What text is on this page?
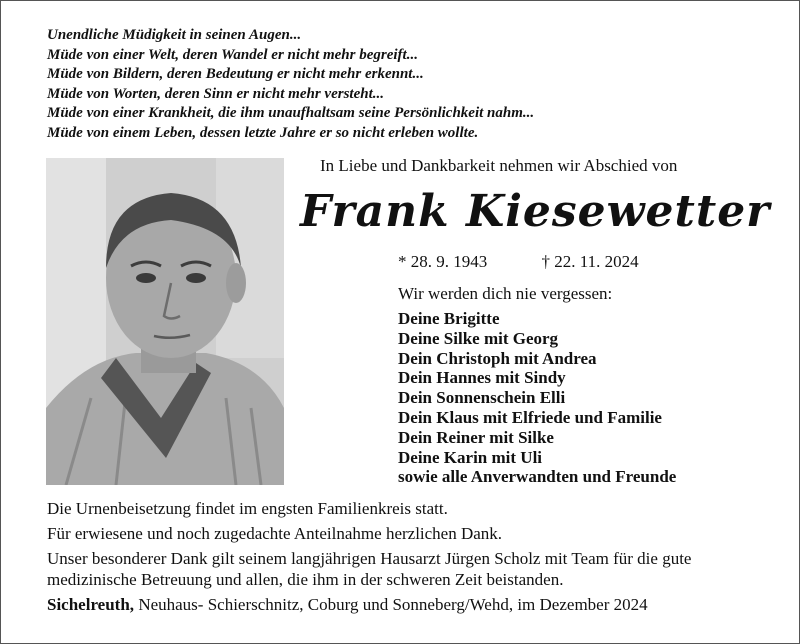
Unendliche Müdigkeit in seinen Augen...
Müde von einer Welt, deren Wandel er nicht mehr begreift...
Müde von Bildern, deren Bedeutung er nicht mehr erkennt...
Müde von Worten, deren Sinn er nicht mehr versteht...
Müde von einer Krankheit, die ihm unaufhaltsam seine Persönlichkeit nahm...
Müde von einem Leben, dessen letzte Jahre er so nicht erleben wollte.
In Liebe und Dankbarkeit nehmen wir Abschied von
Frank Kiesewetter
* 28. 9. 1943	† 22. 11. 2024
Wir werden dich nie vergessen:
Deine Brigitte
Deine Silke mit Georg
Dein Christoph mit Andrea
Dein Hannes mit Sindy
Dein Sonnenschein Elli
Dein Klaus mit Elfriede und Familie
Dein Reiner mit Silke
Deine Karin mit Uli
sowie alle Anverwandten und Freunde
Die Urnenbeisetzung findet im engsten Familienkreis statt.
Für erwiesene und noch zugedachte Anteilnahme herzlichen Dank.
Unser besonderer Dank gilt seinem langjährigen Hausarzt Jürgen Scholz mit Team für die gute medizinische Betreuung und allen, die ihm in der schweren Zeit beistanden.
Sichelreuth, Neuhaus- Schierschnitz, Coburg und Sonneberg/Wehd, im Dezember 2024
